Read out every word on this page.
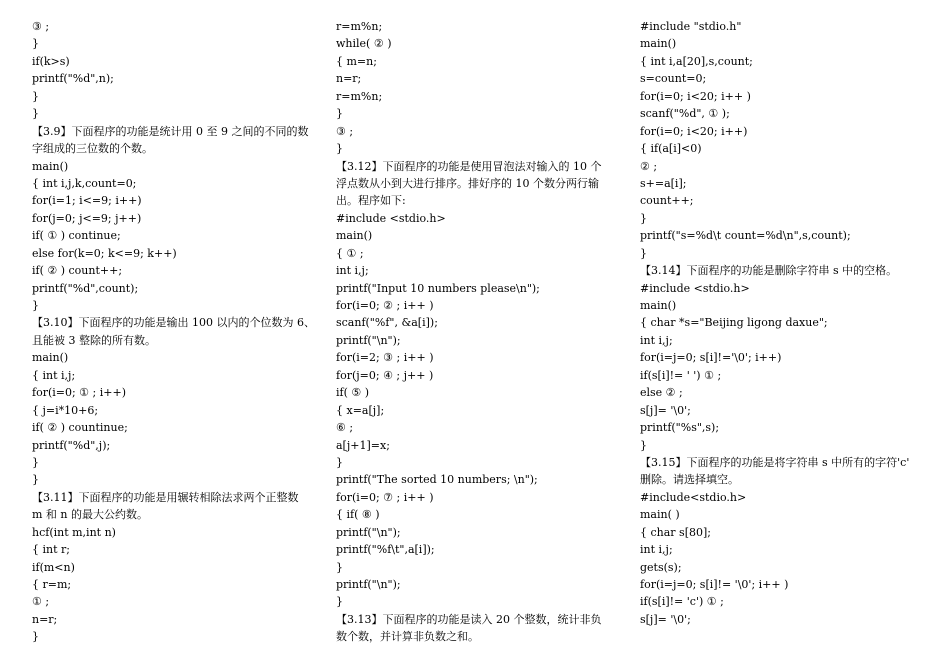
③ ;
}
if(k>s)
printf("%d",n);
}
}
【3.9】下面程序的功能是统计用 0 至 9 之间的不同的数
字组成的三位数的个数。
main()
{ int i,j,k,count=0;
for(i=1; i<=9; i++)
for(j=0; j<=9; j++)
if( ① ) continue;
else for(k=0; k<=9; k++)
if( ② ) count++;
printf("%d",count);
}
【3.10】下面程序的功能是输出 100 以内的个位数为 6、
且能被 3 整除的所有数。
main()
{ int i,j;
for(i=0; ① ; i++)
{ j=i*10+6;
if( ② ) countinue;
printf("%d",j);
}
}
【3.11】下面程序的功能是用辗转相除法求两个正整数
m 和 n 的最大公约数。
hcf(int m,int n)
{ int r;
if(m<n)
{ r=m;
① ;
n=r;
}
r=m%n;
while( ② )
{ m=n;
n=r;
r=m%n;
}
③ ;
}
【3.12】下面程序的功能是使用冒泡法对输入的 10 个
浮点数从小到大进行排序。排好序的 10 个数分两行输
出。程序如下:
#include <stdio.h>
main()
{ ① ;
int i,j;
printf("Input 10 numbers please\n");
for(i=0; ② ; i++ )
scanf("%f", &a[i]);
printf("\n");
for(i=2; ③ ; i++ )
for(j=0; ④ ; j++ )
if( ⑤ )
{ x=a[j];
⑥ ;
a[j+1]=x;
}
printf("The sorted 10 numbers; \n");
for(i=0; ⑦ ; i++ )
{ if( ⑧ )
printf("\n");
printf("%f\t",a[i]);
}
printf("\n");
}
【3.13】下面程序的功能是读入 20 个整数，统计非负
数个数，并计算非负数之和。
#include "stdio.h"
main()
{ int i,a[20],s,count;
s=count=0;
for(i=0; i<20; i++ )
scanf("%d", ① );
for(i=0; i<20; i++)
{ if(a[i]<0)
② ;
s+=a[i];
count++;
}
printf("s=%d\t count=%d\n",s,count);
}
【3.14】下面程序的功能是删除字符串 s 中的空格。
#include <stdio.h>
main()
{ char *s="Beijing ligong daxue";
int i,j;
for(i=j=0; s[i]!='\0'; i++)
if(s[i]!= ' ') ① ;
else ② ;
s[j]= '\0';
printf("%s",s);
}
【3.15】下面程序的功能是将字符串 s 中所有的字符'c'
删除。请选择填空。
#include<stdio.h>
main( )
{ char s[80];
int i,j;
gets(s);
for(i=j=0; s[i]!= '\0'; i++ )
if(s[i]!= 'c') ① ;
s[j]= '\0';
